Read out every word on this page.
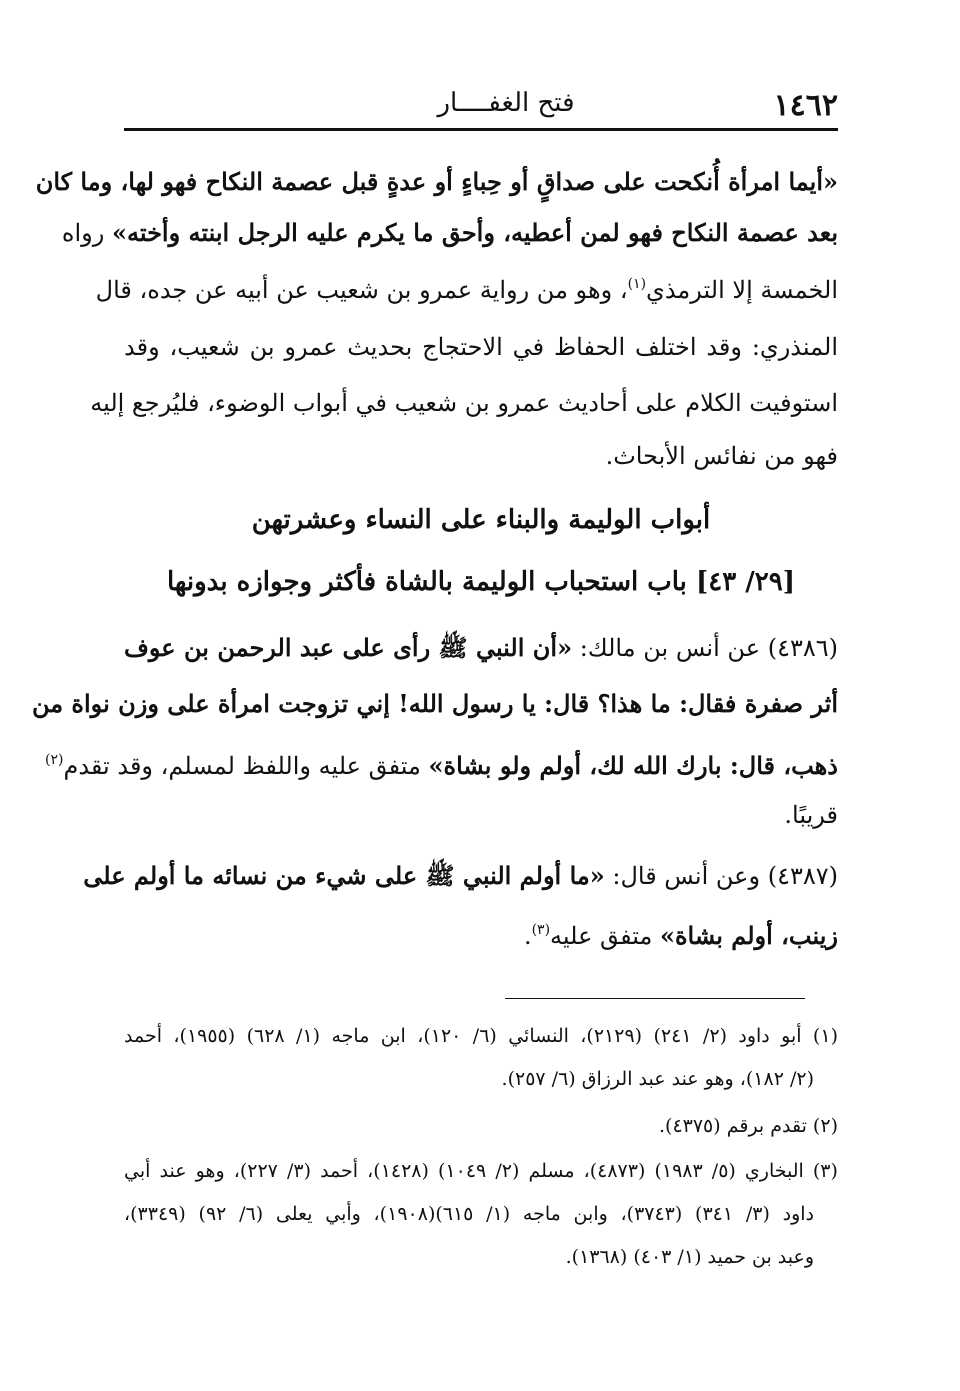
١٤٦٢
فتح الغفــــار
«أيما امرأة أُنكحت على صداقٍ أو حِباءٍ أو عدةٍ قبل عصمة النكاح فهو لها، وما كان
بعد عصمة النكاح فهو لمن أعطيه، وأحق ما يكرم عليه الرجل ابنته وأخته» رواه
الخمسة إلا الترمذي$^{(١)}$، وهو من رواية عمرو بن شعيب عن أبيه عن جده، قال
المنذري: وقد اختلف الحفاظ في الاحتجاج بحديث عمرو بن شعيب، وقد
استوفيت الكلام على أحاديث عمرو بن شعيب في أبواب الوضوء، فليُرجع إليه
فهو من نفائس الأبحاث.
أبواب الوليمة والبناء على النساء وعشرتهن
[٢٩/ ٤٣] باب استحباب الوليمة بالشاة فأكثر وجوازه بدونها
(٤٣٨٦) عن أنس بن مالك: «أن النبي ﷺ رأى على عبد الرحمن بن عوف
أثر صفرة فقال: ما هذا؟ قال: يا رسول الله! إني تزوجت امرأة على وزن نواة من
ذهب، قال: بارك الله لك، أولم ولو بشاة» متفق عليه واللفظ لمسلم، وقد تقدم$^{(٢)}$
قريبًا.
(٤٣٨٧) وعن أنس قال: «ما أولم النبي ﷺ على شيء من نسائه ما أولم على
زينب، أولم بشاة» متفق عليه$^{(٣)}$.
(١) أبو داود (٢/ ٢٤١) (٢١٢٩)، النسائي (٦/ ١٢٠)، ابن ماجه (١/ ٦٢٨) (١٩٥٥)، أحمد
(٢/ ١٨٢)، وهو عند عبد الرزاق (٦/ ٢٥٧).
(٢) تقدم برقم (٤٣٧٥).
(٣) البخاري (٥/ ١٩٨٣) (٤٨٧٣)، مسلم (٢/ ١٠٤٩) (١٤٢٨)، أحمد (٣/ ٢٢٧)، وهو عند أبي
داود (٣/ ٣٤١) (٣٧٤٣)، وابن ماجه (١/ ٦١٥)(١٩٠٨)، وأبي يعلى (٦/ ٩٢) (٣٣٤٩)،
وعبد بن حميد (١/ ٤٠٣) (١٣٦٨).
